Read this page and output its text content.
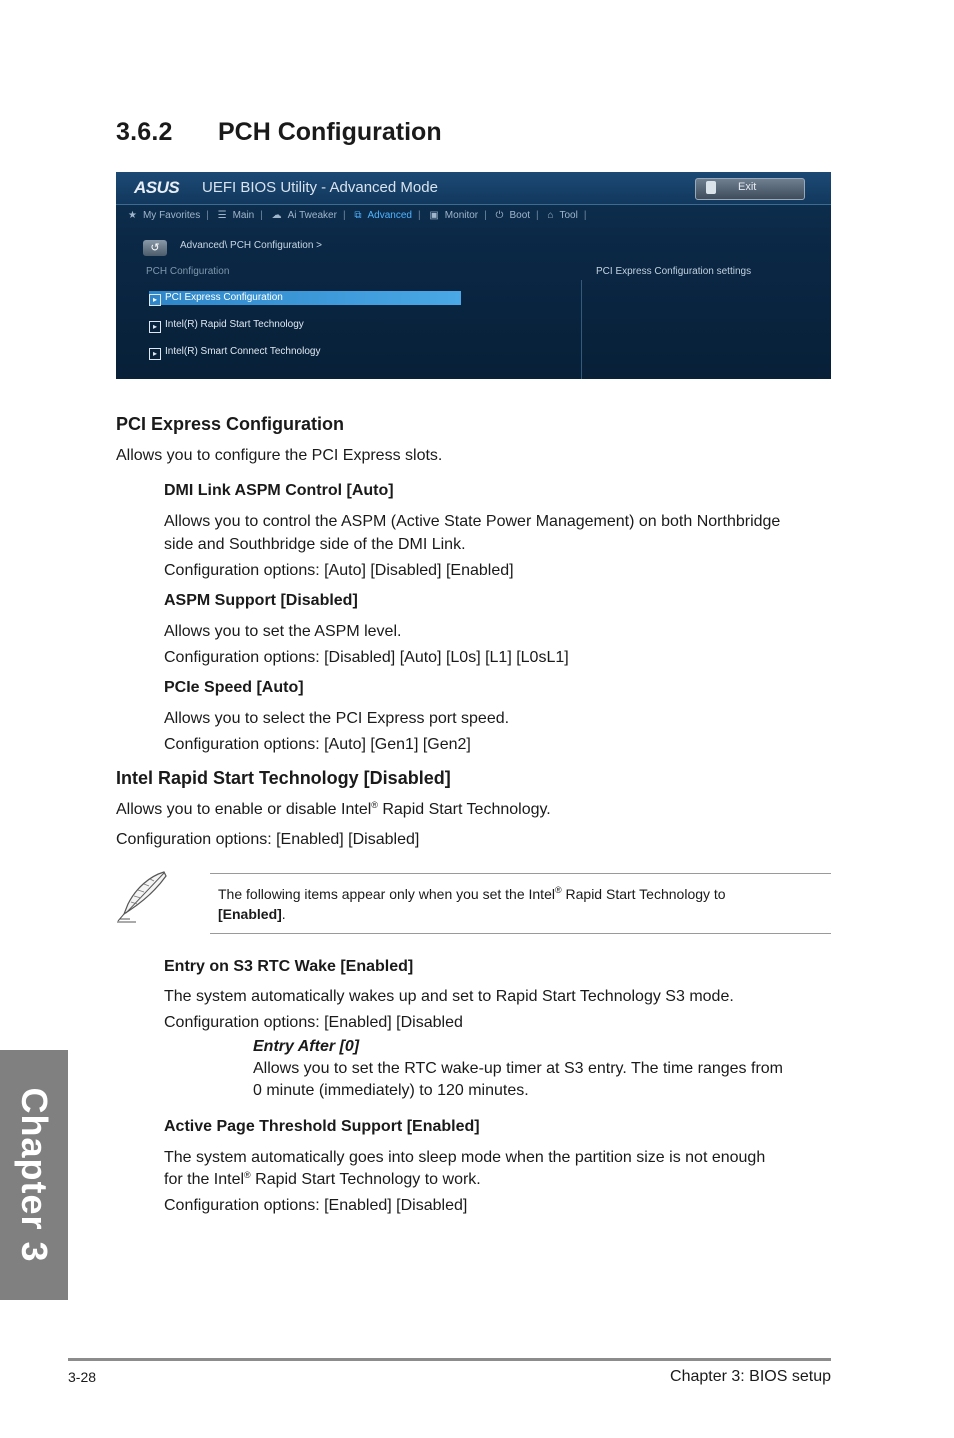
3.6.2 PCH Configuration
ASUS UEFI BIOS Utility - Advanced Mode	Exit
★ My Favorites | ☰ Main | ☁ Ai Tweaker | ⧉ Advanced | ▣ Monitor | ⏻ Boot | ⌂ Tool |
↺	Advanced\ PCH Configuration >
PCH Configuration	PCI Express Configuration settings
▸ PCI Express Configuration
▸ Intel(R) Rapid Start Technology
▸ Intel(R) Smart Connect Technology
PCI Express Configuration
Allows you to configure the PCI Express slots.
DMI Link ASPM Control [Auto]
Allows you to control the ASPM (Active State Power Management) on both Northbridge
side and Southbridge side of the DMI Link.
Configuration options: [Auto] [Disabled] [Enabled]
ASPM Support [Disabled]
Allows you to set the ASPM level.
Configuration options: [Disabled] [Auto] [L0s] [L1] [L0sL1]
PCIe Speed [Auto]
Allows you to select the PCI Express port speed.
Configuration options: [Auto] [Gen1] [Gen2]
Intel Rapid Start Technology [Disabled]
Allows you to enable or disable Intel® Rapid Start Technology.
Configuration options: [Enabled] [Disabled]
The following items appear only when you set the Intel® Rapid Start Technology to
[Enabled].
Entry on S3 RTC Wake [Enabled]
The system automatically wakes up and set to Rapid Start Technology S3 mode.
Configuration options: [Enabled] [Disabled
Entry After [0]
Allows you to set the RTC wake-up timer at S3 entry. The time ranges from
0 minute (immediately) to 120 minutes.
Active Page Threshold Support [Enabled]
The system automatically goes into sleep mode when the partition size is not enough
for the Intel® Rapid Start Technology to work.
Configuration options: [Enabled] [Disabled]
Chapter 3
3-28	Chapter 3: BIOS setup
